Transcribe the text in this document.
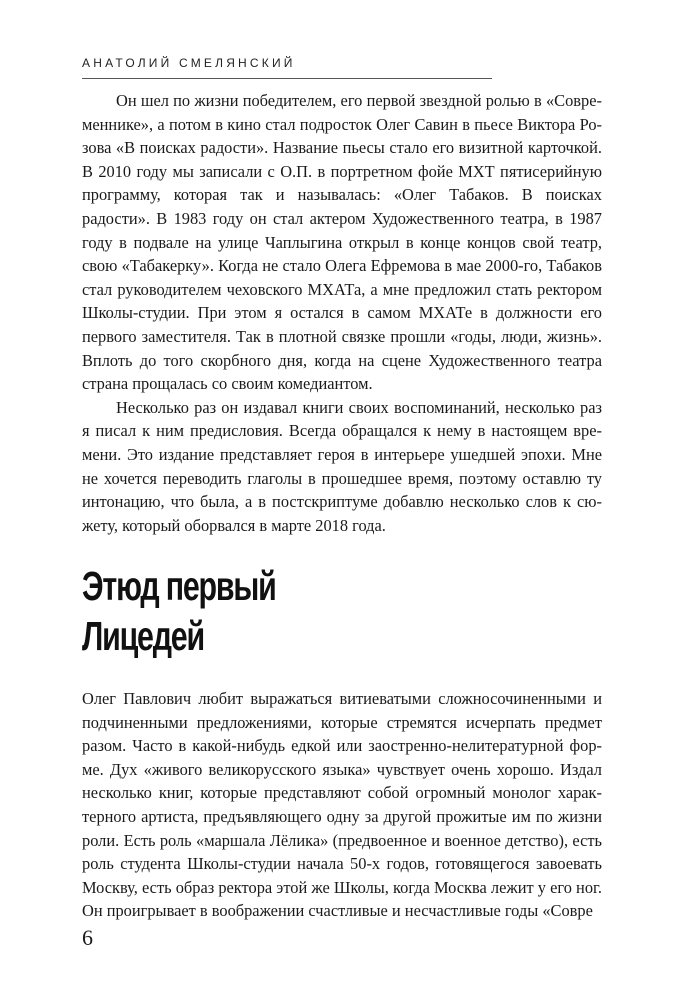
АНАТОЛИЙ СМЕЛЯНСКИЙ

Он шел по жизни победителем, его первой звездной ролью в «Современнике», а потом в кино стал подросток Олег Савин в пьесе Виктора Розова «В поисках радости». Название пьесы стало его визитной карточкой. В 2010 году мы записали с О.П. в портретном фойе МХТ пятисерийную программу, которая так и называлась: «Олег Табаков. В поисках радости». В 1983 году он стал актером Художественного театра, в 1987 году в подвале на улице Чаплыгина открыл в конце концов свой театр, свою «Табакерку». Когда не стало Олега Ефремова в мае 2000-го, Табаков стал руководителем чеховского МХАТа, а мне предложил стать ректором Школы-студии. При этом я остался в самом МХАТе в должности его первого заместителя. Так в плотной связке прошли «годы, люди, жизнь». Вплоть до того скорбного дня, когда на сцене Художественного театра страна прощалась со своим комедиантом.

Несколько раз он издавал книги своих воспоминаний, несколько раз я писал к ним предисловия. Всегда обращался к нему в настоящем времени. Это издание представляет героя в интерьере ушедшей эпохи. Мне не хочется переводить глаголы в прошедшее время, поэтому оставлю ту интонацию, что была, а в постскриптуме добавлю несколько слов к сюжету, который оборвался в марте 2018 года.

Этюд первый
Лицедей

Олег Павлович любит выражаться витиеватыми сложносочиненными и подчиненными предложениями, которые стремятся исчерпать предмет разом. Часто в какой-нибудь едкой или заостренно-нелитературной форме. Дух «живого великорусского языка» чувствует очень хорошо. Издал несколько книг, которые представляют собой огромный монолог характерного артиста, предъявляющего одну за другой прожитые им по жизни роли. Есть роль «маршала Лёлика» (предвоенное и военное детство), есть роль студента Школы-студии начала 50-х годов, готовящегося завоевать Москву, есть образ ректора этой же Школы, когда Москва лежит у его ног. Он проигрывает в воображении счастливые и несчастливые годы «Совре

6
